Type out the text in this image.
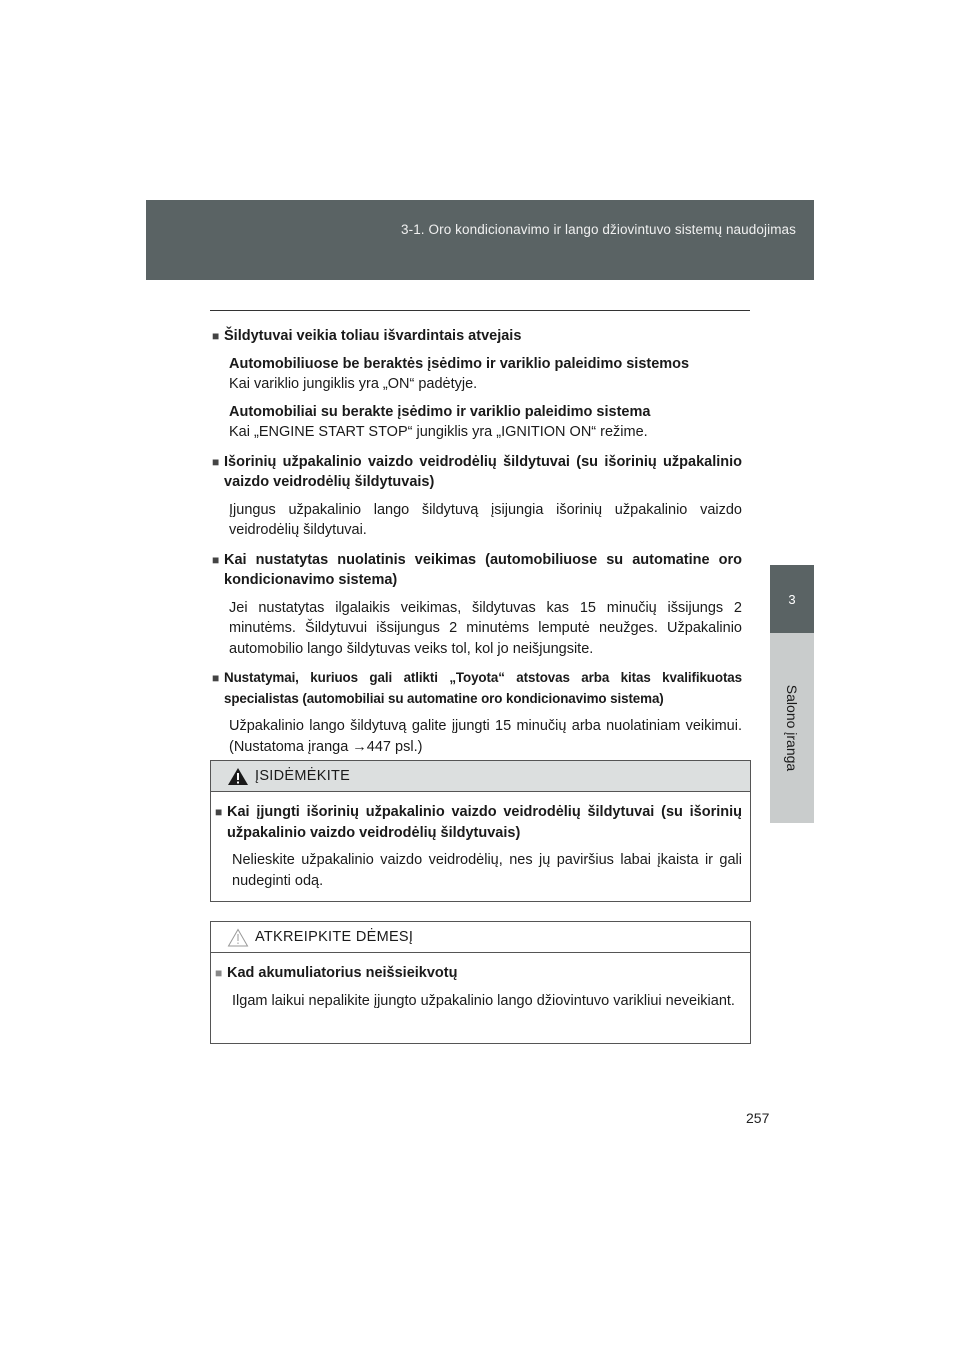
3-1. Oro kondicionavimo ir lango džiovintuvo sistemų naudojimas
3
Salono įranga
■ Šildytuvai veikia toliau išvardintais atvejais
Automobiliuose be beraktės įsėdimo ir variklio paleidimo sistemos
Kai variklio jungiklis yra „ON“ padėtyje.
Automobiliai su berakte įsėdimo ir variklio paleidimo sistema
Kai „ENGINE START STOP“ jungiklis yra „IGNITION ON“ režime.
■ Išorinių užpakalinio vaizdo veidrodėlių šildytuvai (su išorinių užpakalinio vaizdo veidrodėlių šildytuvais)
Įjungus užpakalinio lango šildytuvą įsijungia išorinių užpakalinio vaizdo veidrodėlių šildytuvai.
■ Kai nustatytas nuolatinis veikimas (automobiliuose su automatine oro kondicionavimo sistema)
Jei nustatytas ilgalaikis veikimas, šildytuvas kas 15 minučių išsijungs 2 minutėms. Šildytuvui išsijungus 2 minutėms lemputė neužges. Užpakalinio automobilio lango šildytuvas veiks tol, kol jo neišjungsite.
■ Nustatymai, kuriuos gali atlikti „Toyota“ atstovas arba kitas kvalifikuotas specialistas (automobiliai su automatine oro kondicionavimo sistema)
Užpakalinio lango šildytuvą galite įjungti 15 minučių arba nuolatiniam veikimui. (Nustatoma įranga →447 psl.)
ĮSIDĖMĖKITE
■ Kai įjungti išorinių užpakalinio vaizdo veidrodėlių šildytuvai (su išorinių užpakalinio vaizdo veidrodėlių šildytuvais)
Nelieskite užpakalinio vaizdo veidrodėlių, nes jų paviršius labai įkaista ir gali nudeginti odą.
ATKREIPKITE DĖMESĮ
■ Kad akumuliatorius neišsieikvotų
Ilgam laikui nepalikite įjungto užpakalinio lango džiovintuvo varikliui neveikiant.
257
